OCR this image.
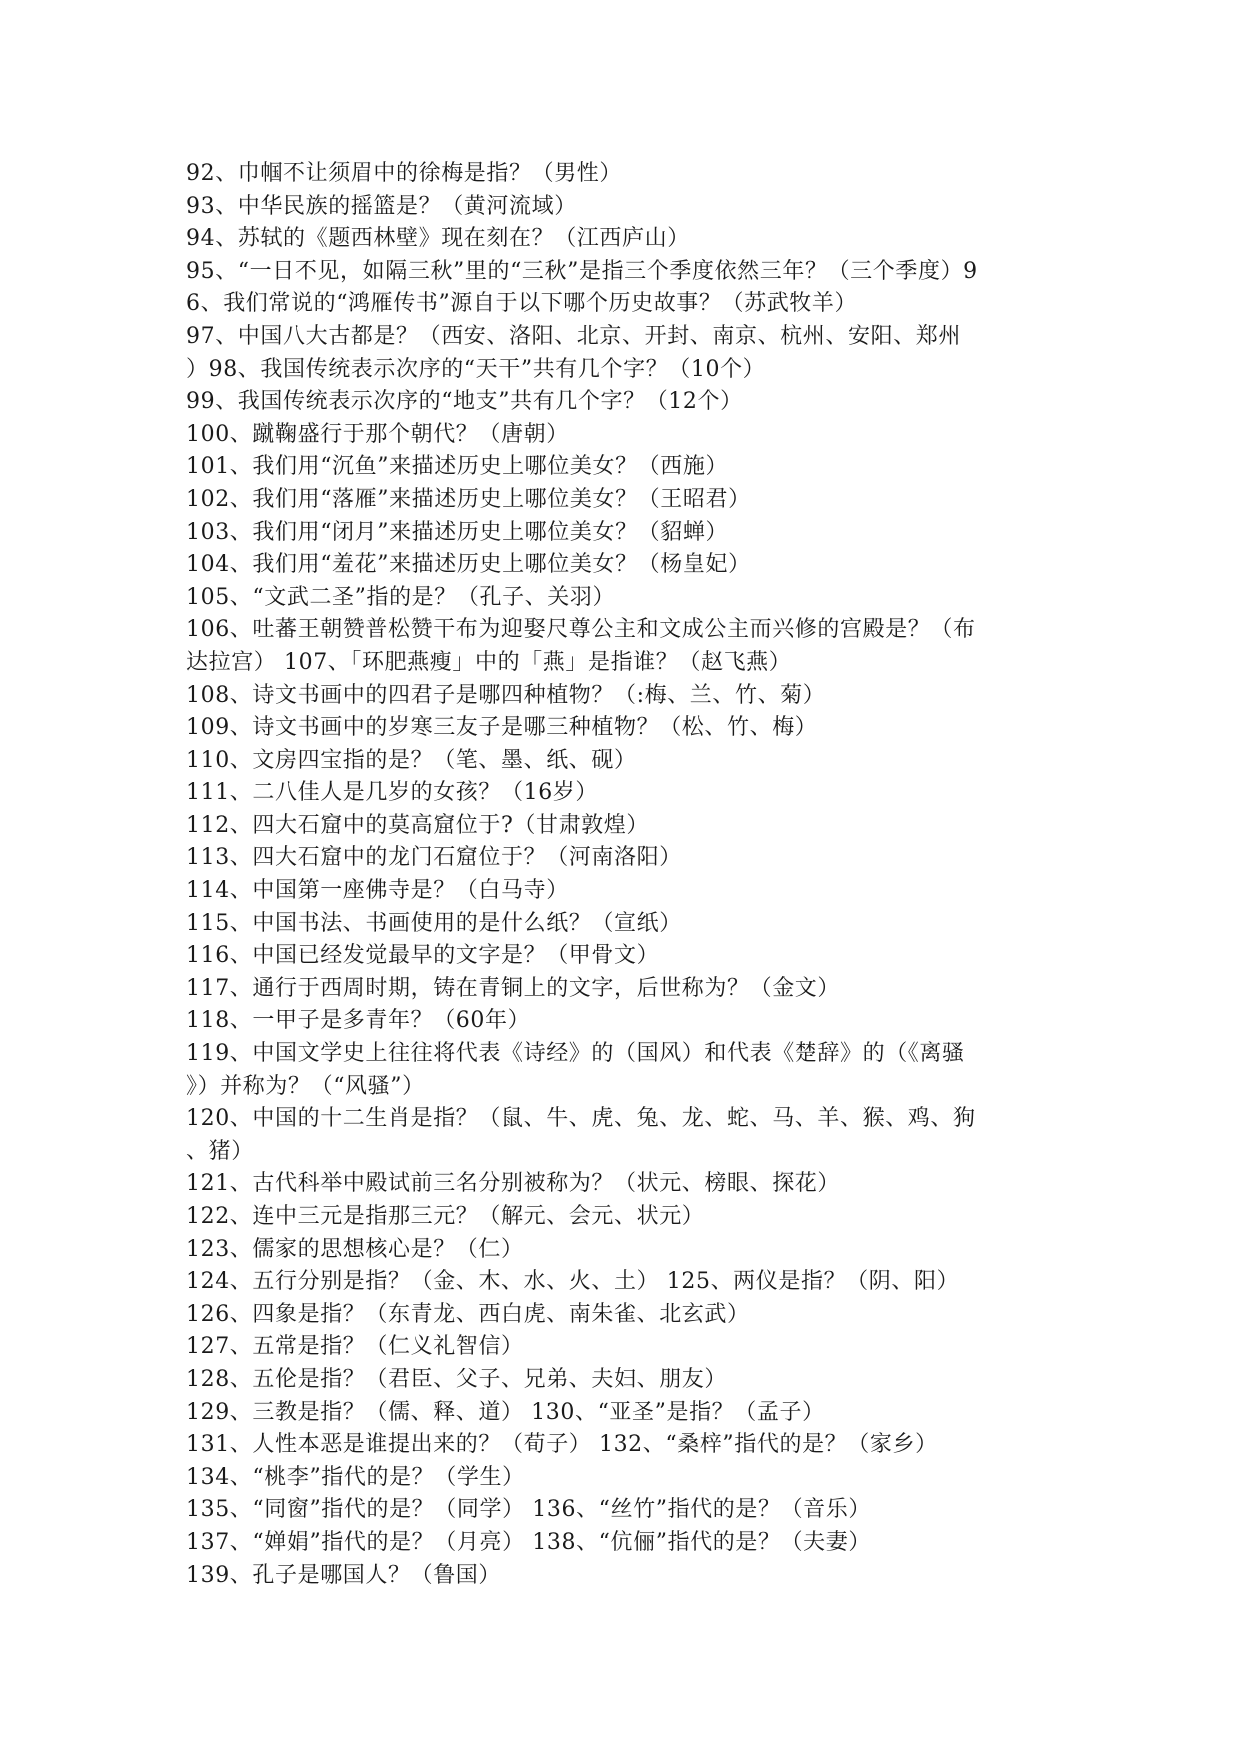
92、巾帼不让须眉中的徐梅是指？（男性）
93、中华民族的摇篮是？（黄河流域）
94、苏轼的《题西林壁》现在刻在？（江西庐山）
95、“一日不见，如隔三秋”里的“三秋”是指三个季度依然三年？（三个季度）9
6、我们常说的“鸿雁传书”源自于以下哪个历史故事？（苏武牧羊）
97、中国八大古都是？（西安、洛阳、北京、开封、南京、杭州、安阳、郑州
）98、我国传统表示次序的“天干”共有几个字？（10个）
99、我国传统表示次序的“地支”共有几个字？（12个）
100、蹴鞠盛行于那个朝代？（唐朝）
101、我们用“沉鱼”来描述历史上哪位美女？（西施）
102、我们用“落雁”来描述历史上哪位美女？（王昭君）
103、我们用“闭月”来描述历史上哪位美女？（貂蝉）
104、我们用“羞花”来描述历史上哪位美女？（杨皇妃）
105、“文武二圣”指的是？（孔子、关羽）
106、吐蕃王朝赞普松赞干布为迎娶尺尊公主和文成公主而兴修的宫殿是？（布
达拉宫） 107、「环肥燕瘦」中的「燕」是指谁？（赵飞燕）
108、诗文书画中的四君子是哪四种植物？（:梅、兰、竹、菊）
109、诗文书画中的岁寒三友子是哪三种植物？（松、竹、梅）
110、文房四宝指的是？（笔、墨、纸、砚）
111、二八佳人是几岁的女孩？（16岁）
112、四大石窟中的莫高窟位于?（甘肃敦煌）
113、四大石窟中的龙门石窟位于？（河南洛阳）
114、中国第一座佛寺是？（白马寺）
115、中国书法、书画使用的是什么纸？（宣纸）
116、中国已经发觉最早的文字是？（甲骨文）
117、通行于西周时期，铸在青铜上的文字，后世称为？（金文）
118、一甲子是多青年？（60年）
119、中国文学史上往往将代表《诗经》的（国风）和代表《楚辞》的（《离骚
》）并称为？（“风骚”）
120、中国的十二生肖是指？（鼠、牛、虎、兔、龙、蛇、马、羊、猴、鸡、狗
、猪）
121、古代科举中殿试前三名分别被称为？（状元、榜眼、探花）
122、连中三元是指那三元？（解元、会元、状元）
123、儒家的思想核心是？（仁）
124、五行分别是指？（金、木、水、火、土） 125、两仪是指？（阴、阳）
126、四象是指？（东青龙、西白虎、南朱雀、北玄武）
127、五常是指？（仁义礼智信）
128、五伦是指？（君臣、父子、兄弟、夫妇、朋友）
129、三教是指？（儒、释、道） 130、“亚圣”是指？（孟子）
131、人性本恶是谁提出来的？（荀子） 132、“桑梓”指代的是？（家乡）
134、“桃李”指代的是？（学生）
135、“同窗”指代的是？（同学） 136、“丝竹”指代的是？（音乐）
137、“婵娟”指代的是？（月亮） 138、“伉俪”指代的是？（夫妻）
139、孔子是哪国人？（鲁国）
